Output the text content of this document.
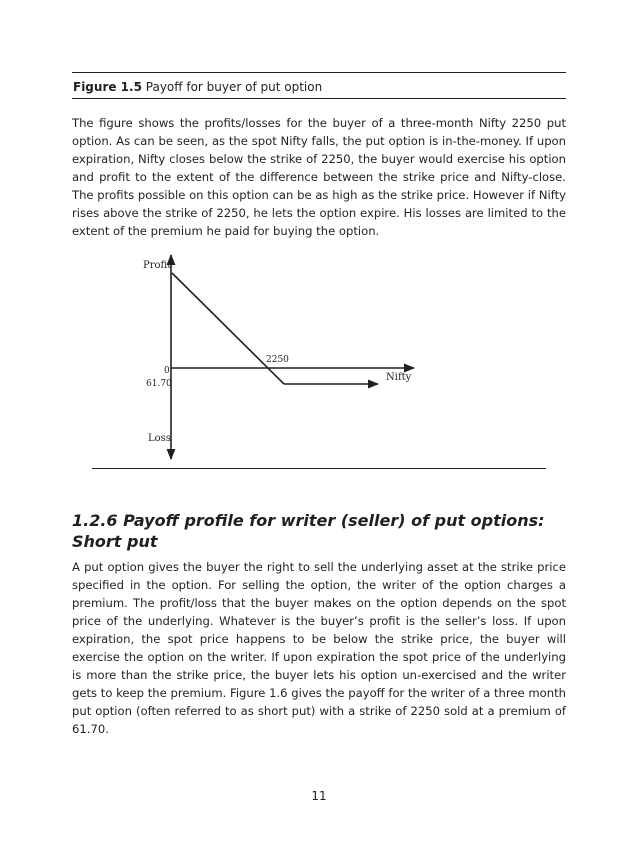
Figure 1.5 Payoff for buyer of put option

The figure shows the profits/losses for the buyer of a three-month Nifty 2250 put option. As can be seen, as the spot Nifty falls, the put option is in-the-money. If upon expiration, Nifty closes below the strike of 2250, the buyer would exercise his option and profit to the extent of the difference between the strike price and Nifty-close. The profits possible on this option can be as high as the strike price. However if Nifty rises above the strike of 2250, he lets the option expire. His losses are limited to the extent of the premium he paid for buying the option.

Profit
Loss
Nifty
0
61.70
2250
1.2.6 Payoff profile for writer (seller) of put options: Short put

A put option gives the buyer the right to sell the underlying asset at the strike price specified in the option. For selling the option, the writer of the option charges a premium. The profit/loss that the buyer makes on the option depends on the spot price of the underlying. Whatever is the buyer’s profit is the seller’s loss. If upon expiration, the spot price happens to be below the strike price, the buyer will exercise the option on the writer. If upon expiration the spot price of the underlying is more than the strike price, the buyer lets his option un-exercised and the writer gets to keep the premium. Figure 1.6 gives the payoff for the writer of a three month put option (often referred to as short put) with a strike of 2250 sold at a premium of 61.70.

11
